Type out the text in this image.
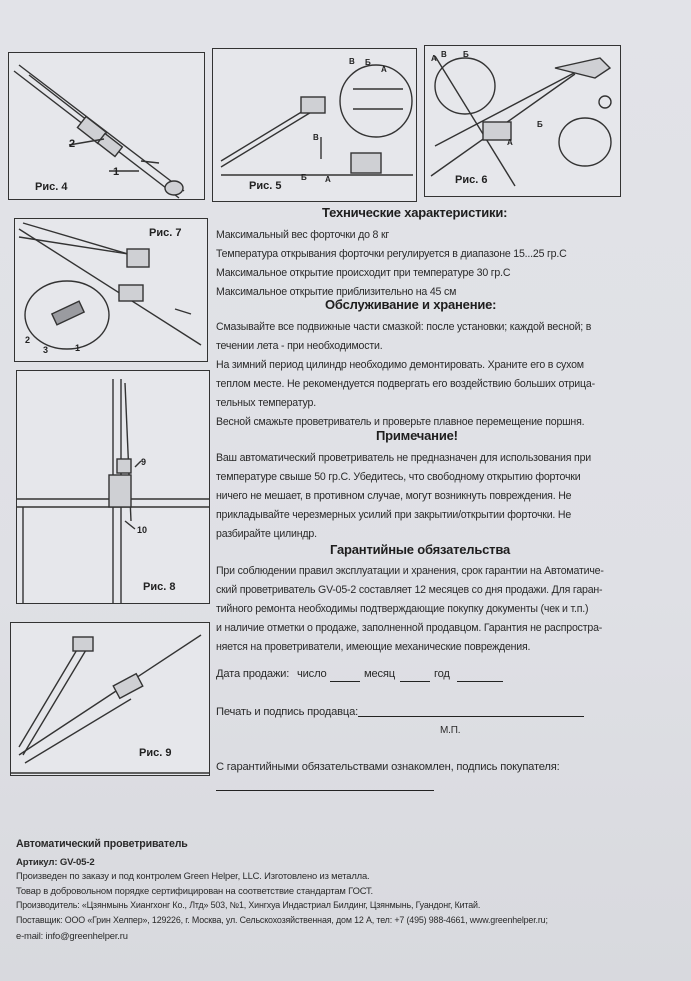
2
1
Рис. 4
В Б
А
В
Б А
Рис. 5
А В Б
Б
А
Рис. 6
Рис. 7
1
2
3
9
10
Рис. 8
Рис. 9
Технические характеристики:
Максимальный вес форточки до 8 кг
Температура открывания форточки регулируется в диапазоне 15...25 гр.С
Максимальное открытие происходит при температуре 30 гр.С
Максимальное открытие приблизительно на 45 см
Обслуживание и хранение:
Смазывайте все подвижные части смазкой: после установки; каждой весной; в
течении лета - при необходимости.
На зимний период цилиндр необходимо демонтировать. Храните его в сухом
теплом месте. Не рекомендуется подвергать его воздействию больших отрица-
тельных температур.
Весной смажьте проветриватель и проверьте плавное перемещение поршня.
Примечание!
Ваш автоматический проветриватель не предназначен для использования при
температуре свыше 50 гр.С. Убедитесь, что свободному открытию форточки
ничего не мешает, в противном случае, могут возникнуть повреждения. Не
прикладывайте черезмерных усилий при закрытии/открытии форточки. Не
разбирайте цилиндр.
Гарантийные обязательства
При соблюдении правил эксплуатации и хранения, срок гарантии на Автоматиче-
ский проветриватель GV-05-2 составляет 12 месяцев со дня продажи. Для гаран-
тийного ремонта необходимы подтверждающие покупку документы (чек и т.п.)
и наличие отметки о продаже, заполненной продавцом. Гарантия не распростра-
няется на проветриватели, имеющие механические повреждения.
Дата продажи: число	месяц	год
Печать и подпись продавца:
М.П.
С гарантийными обязательствами ознакомлен, подпись покупателя:
Автоматический проветриватель
Артикул: GV-05-2
Произведен по заказу и под контролем Green Helper, LLC. Изготовлено из металла.
Товар в добровольном порядке сертифицирован на соответствие стандартам ГОСТ.
Производитель: «Цзянмынь Хиангхонг Ко., Лтд» 503, №1, Хингхуа Индастриал Билдинг, Цзянмынь, Гуандонг, Китай.
Поставщик: ООО «Грин Хелпер», 129226, г. Москва, ул. Сельскохозяйственная, дом 12 А, тел: +7 (495) 988-4661, www.greenhelper.ru;
e-mail: info@greenhelper.ru
